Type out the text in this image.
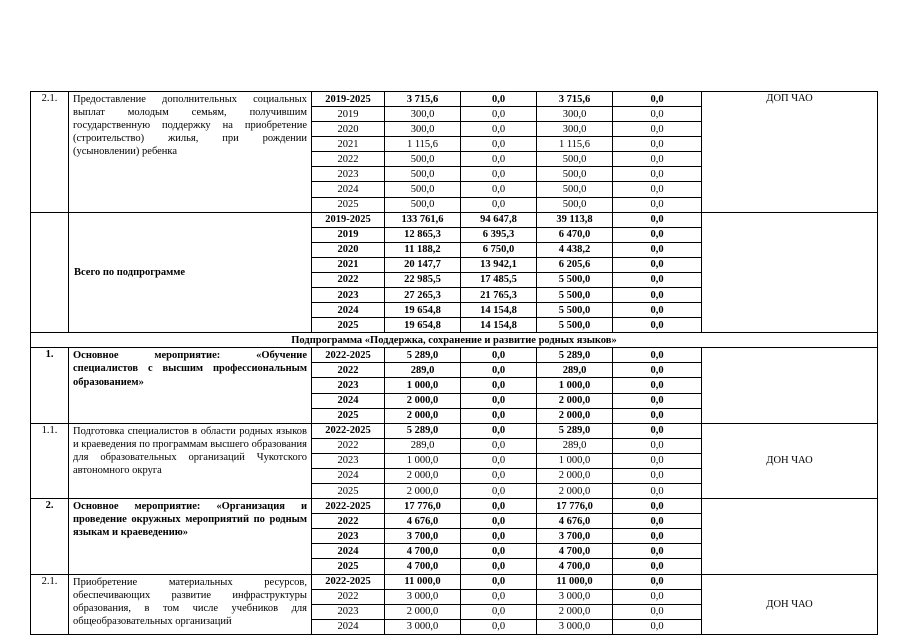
2.1.	Предоставление дополнительных социальных выплат молодым семьям, получившим государственную поддержку на приобретение (строительство) жилья, при рождении (усыновлении) ребенка	2019-2025	3 715,6	0,0	3 715,6	0,0	ДОП ЧАО
		2019	300,0	0,0	300,0	0,0	
		2020	300,0	0,0	300,0	0,0	
		2021	1 115,6	0,0	1 115,6	0,0	
		2022	500,0	0,0	500,0	0,0	
		2023	500,0	0,0	500,0	0,0	
		2024	500,0	0,0	500,0	0,0	
		2025	500,0	0,0	500,0	0,0	
	Всего по подпрограмме	2019-2025	133 761,6	94 647,8	39 113,8	0,0	
		2019	12 865,3	6 395,3	6 470,0	0,0	
		2020	11 188,2	6 750,0	4 438,2	0,0	
		2021	20 147,7	13 942,1	6 205,6	0,0	
		2022	22 985,5	17 485,5	5 500,0	0,0	
		2023	27 265,3	21 765,3	5 500,0	0,0	
		2024	19 654,8	14 154,8	5 500,0	0,0	
		2025	19 654,8	14 154,8	5 500,0	0,0	
Подпрограмма «Поддержка, сохранение и развитие родных языков»							
1.	Основное мероприятие: «Обучение специалистов с высшим профессиональным образованием»	2022-2025	5 289,0	0,0	5 289,0	0,0	
		2022	289,0	0,0	289,0	0,0	
		2023	1 000,0	0,0	1 000,0	0,0	
		2024	2 000,0	0,0	2 000,0	0,0	
		2025	2 000,0	0,0	2 000,0	0,0	
1.1.	Подготовка специалистов в области родных языков и краеведения по программам высшего образования для образовательных организаций Чукотского автономного округа	2022-2025	5 289,0	0,0	5 289,0	0,0	ДОН ЧАО
		2022	289,0	0,0	289,0	0,0	
		2023	1 000,0	0,0	1 000,0	0,0	
		2024	2 000,0	0,0	2 000,0	0,0	
		2025	2 000,0	0,0	2 000,0	0,0	
2.	Основное мероприятие: «Организация и проведение окружных мероприятий по родным языкам и краеведению»	2022-2025	17 776,0	0,0	17 776,0	0,0	
		2022	4 676,0	0,0	4 676,0	0,0	
		2023	3 700,0	0,0	3 700,0	0,0	
		2024	4 700,0	0,0	4 700,0	0,0	
		2025	4 700,0	0,0	4 700,0	0,0	
2.1.	Приобретение материальных ресурсов, обеспечивающих развитие инфраструктуры образования, в том числе учебников для общеобразовательных организаций	2022-2025	11 000,0	0,0	11 000,0	0,0	ДОН ЧАО
		2022	3 000,0	0,0	3 000,0	0,0	
		2023	2 000,0	0,0	2 000,0	0,0	
		2024	3 000,0	0,0	3 000,0	0,0	
